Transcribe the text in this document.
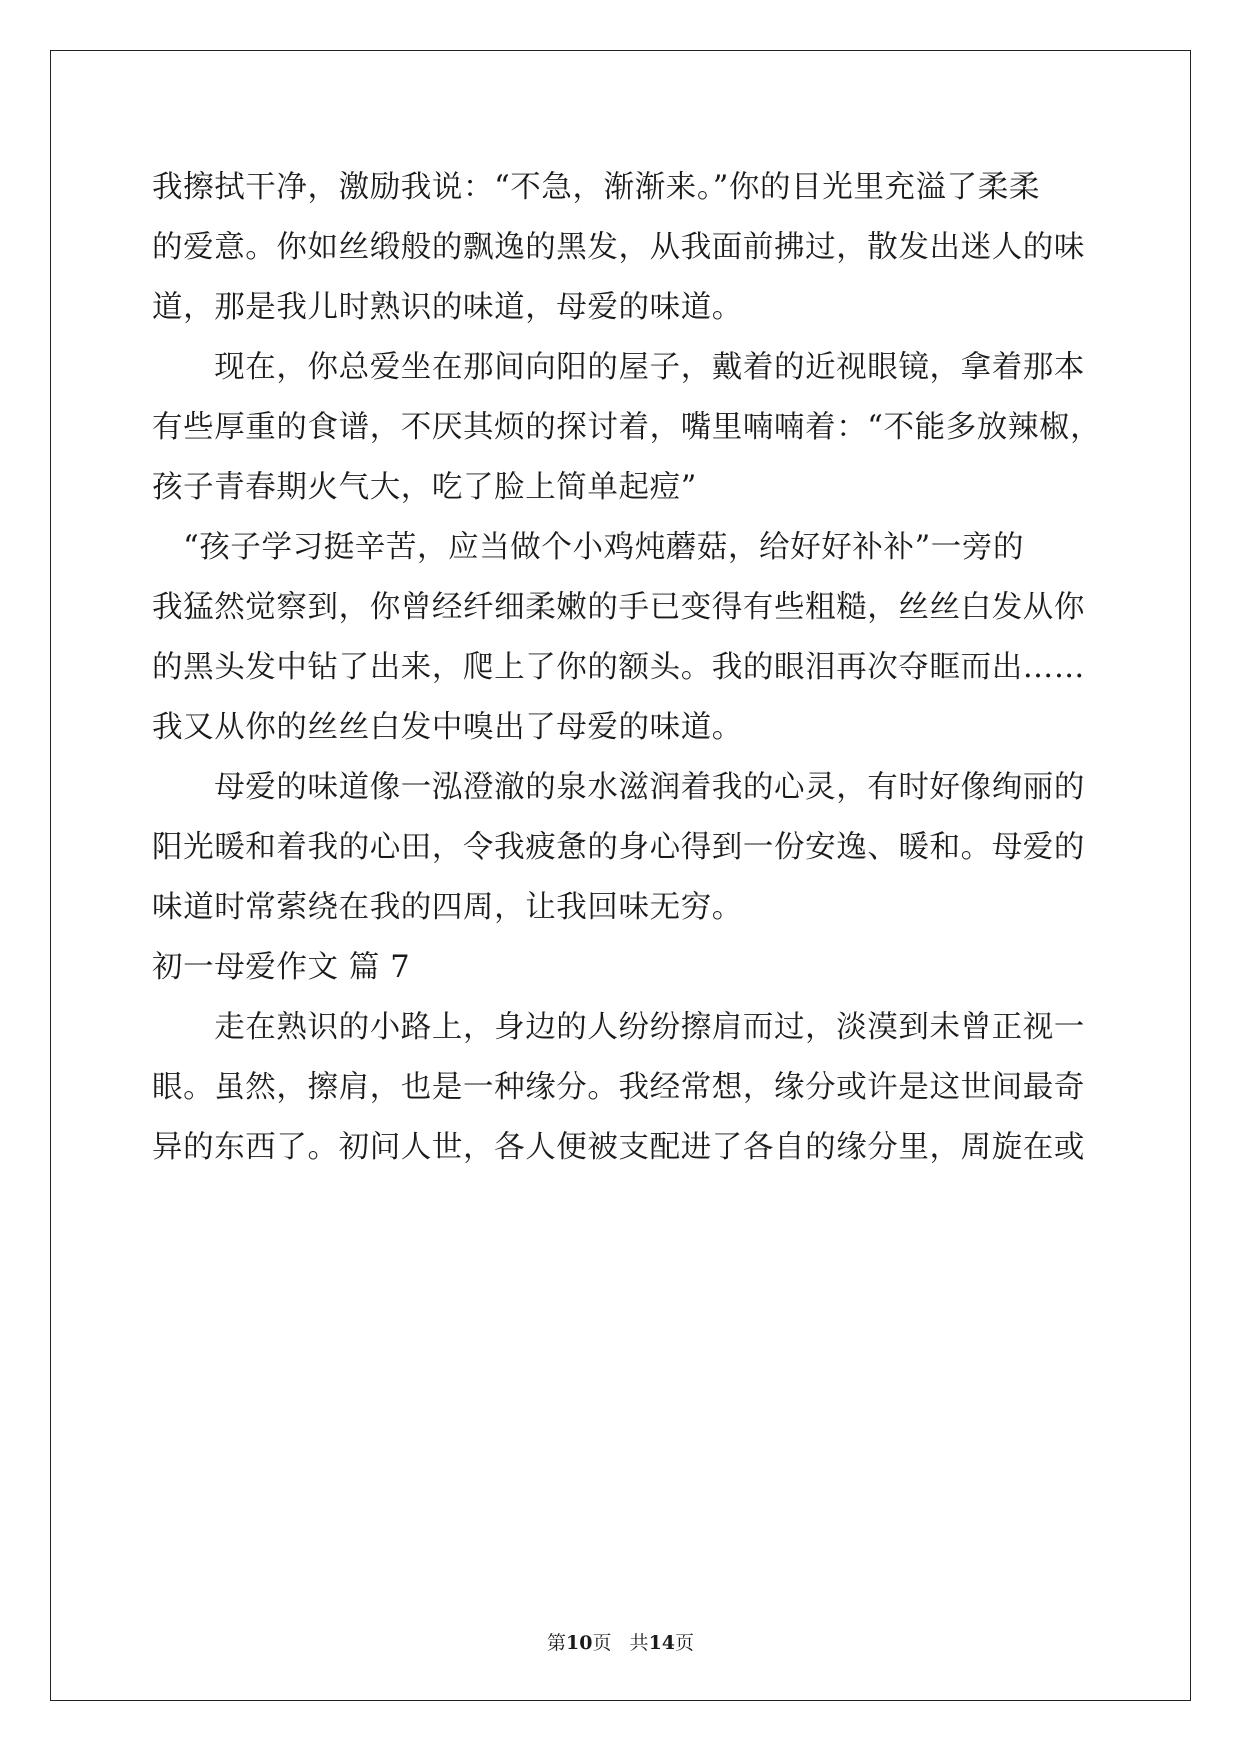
我擦拭干净，激励我说：“不急，渐渐来。”你的目光里充溢了柔柔

的爱意。你如丝缎般的飘逸的黑发，从我面前拂过，散发出迷人的味

道，那是我儿时熟识的味道，母爱的味道。

　　现在，你总爱坐在那间向阳的屋子，戴着的近视眼镜，拿着那本

有些厚重的食谱，不厌其烦的探讨着，嘴里喃喃着：“不能多放辣椒，

孩子青春期火气大，吃了脸上简单起痘”

　“孩子学习挺辛苦，应当做个小鸡炖蘑菇，给好好补补”一旁的

我猛然觉察到，你曾经纤细柔嫩的手已变得有些粗糙，丝丝白发从你

的黑头发中钻了出来，爬上了你的额头。我的眼泪再次夺眶而出……

我又从你的丝丝白发中嗅出了母爱的味道。

　　母爱的味道像一泓澄澈的泉水滋润着我的心灵，有时好像绚丽的

阳光暖和着我的心田，令我疲惫的身心得到一份安逸、暖和。母爱的

味道时常萦绕在我的四周，让我回味无穷。

初一母爱作文 篇 7

　　走在熟识的小路上，身边的人纷纷擦肩而过，淡漠到未曾正视一

眼。虽然，擦肩，也是一种缘分。我经常想，缘分或许是这世间最奇

异的东西了。初问人世，各人便被支配进了各自的缘分里，周旋在或

第10页   共14页
